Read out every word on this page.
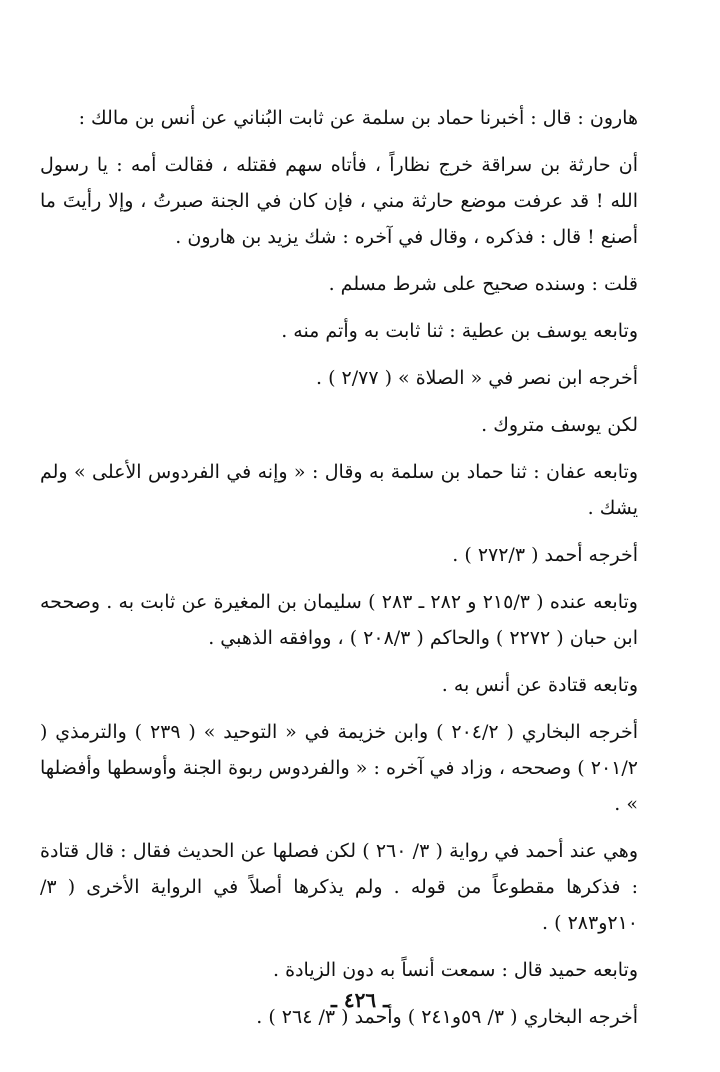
هارون : قال : أخبرنا حماد بن سلمة عن ثابت البُناني عن أنس بن مالك :

أن حارثة بن سراقة خرج نظاراً ، فأتاه سهم فقتله ، فقالت أمه : يا رسول الله ! قد عرفت موضع حارثة مني ، فإن كان في الجنة صبرتُ ، وإلا رأيتَ ما أصنع ! قال : فذكره ، وقال في آخره : شك يزيد بن هارون .

قلت : وسنده صحيح على شرط مسلم .

وتابعه يوسف بن عطية : ثنا ثابت به وأتم منه .

أخرجه ابن نصر في « الصلاة » ( ٢/٧٧ ) .

لكن يوسف متروك .

وتابعه عفان : ثنا حماد بن سلمة به وقال : « وإنه في الفردوس الأعلى » ولم يشك .

أخرجه أحمد ( ٢٧٢/٣ ) .

وتابعه عنده ( ٢١٥/٣ و ٢٨٢ ـ ٢٨٣ ) سليمان بن المغيرة عن ثابت به . وصححه ابن حبان ( ٢٢٧٢ ) والحاكم ( ٢٠٨/٣ ) ، ووافقه الذهبي .

وتابعه قتادة عن أنس به .

أخرجه البخاري ( ٢٠٤/٢ ) وابن خزيمة في « التوحيد » ( ٢٣٩ ) والترمذي ( ٢٠١/٢ ) وصححه ، وزاد في آخره : « والفردوس ربوة الجنة وأوسطها وأفضلها » .

وهي عند أحمد في رواية ( ٣/ ٢٦٠ ) لكن فصلها عن الحديث فقال : قال قتادة : فذكرها مقطوعاً من قوله . ولم يذكرها أصلاً في الرواية الأخرى ( ٣/ ٢١٠و٢٨٣ ) .

وتابعه حميد قال : سمعت أنساً به دون الزيادة .

أخرجه البخاري ( ٣/ ٥٩و٢٤١ ) وأحمد ( ٣/ ٢٦٤ ) .

ـ ٤٢٦ ـ
